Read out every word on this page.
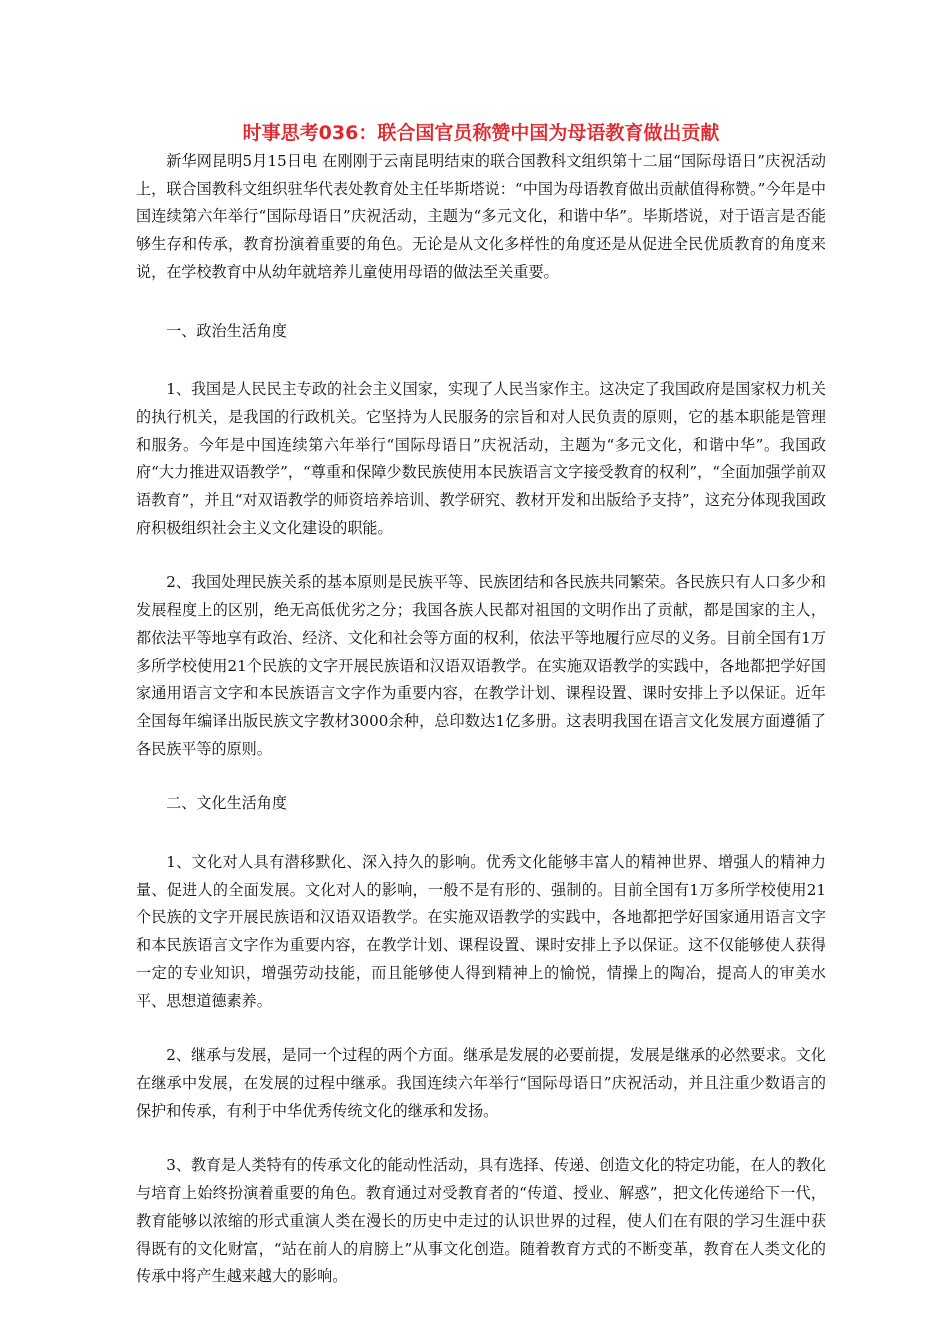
时事思考036：联合国官员称赞中国为母语教育做出贡献

新华网昆明5月15日电 在刚刚于云南昆明结束的联合国教科文组织第十二届“国际母语日”庆祝活动上，联合国教科文组织驻华代表处教育处主任毕斯塔说：“中国为母语教育做出贡献值得称赞。”今年是中国连续第六年举行“国际母语日”庆祝活动，主题为“多元文化，和谐中华”。毕斯塔说，对于语言是否能够生存和传承，教育扮演着重要的角色。无论是从文化多样性的角度还是从促进全民优质教育的角度来说，在学校教育中从幼年就培养儿童使用母语的做法至关重要。

一、政治生活角度

1、我国是人民民主专政的社会主义国家，实现了人民当家作主。这决定了我国政府是国家权力机关的执行机关，是我国的行政机关。它坚持为人民服务的宗旨和对人民负责的原则，它的基本职能是管理和服务。今年是中国连续第六年举行“国际母语日”庆祝活动，主题为“多元文化，和谐中华”。我国政府“大力推进双语教学”，“尊重和保障少数民族使用本民族语言文字接受教育的权利”，“全面加强学前双语教育”，并且“对双语教学的师资培养培训、教学研究、教材开发和出版给予支持”，这充分体现我国政府积极组织社会主义文化建设的职能。

2、我国处理民族关系的基本原则是民族平等、民族团结和各民族共同繁荣。各民族只有人口多少和发展程度上的区别，绝无高低优劣之分；我国各族人民都对祖国的文明作出了贡献，都是国家的主人，都依法平等地享有政治、经济、文化和社会等方面的权利，依法平等地履行应尽的义务。目前全国有1万多所学校使用21个民族的文字开展民族语和汉语双语教学。在实施双语教学的实践中，各地都把学好国家通用语言文字和本民族语言文字作为重要内容，在教学计划、课程设置、课时安排上予以保证。近年全国每年编译出版民族文字教材3000余种，总印数达1亿多册。这表明我国在语言文化发展方面遵循了各民族平等的原则。

二、文化生活角度

1、文化对人具有潜移默化、深入持久的影响。优秀文化能够丰富人的精神世界、增强人的精神力量、促进人的全面发展。文化对人的影响，一般不是有形的、强制的。目前全国有1万多所学校使用21个民族的文字开展民族语和汉语双语教学。在实施双语教学的实践中，各地都把学好国家通用语言文字和本民族语言文字作为重要内容，在教学计划、课程设置、课时安排上予以保证。这不仅能够使人获得一定的专业知识，增强劳动技能，而且能够使人得到精神上的愉悦，情操上的陶冶，提高人的审美水平、思想道德素养。

2、继承与发展，是同一个过程的两个方面。继承是发展的必要前提，发展是继承的必然要求。文化在继承中发展，在发展的过程中继承。我国连续六年举行“国际母语日”庆祝活动，并且注重少数语言的保护和传承，有利于中华优秀传统文化的继承和发扬。

3、教育是人类特有的传承文化的能动性活动，具有选择、传递、创造文化的特定功能，在人的教化与培育上始终扮演着重要的角色。教育通过对受教育者的“传道、授业、解惑”，把文化传递给下一代，教育能够以浓缩的形式重演人类在漫长的历史中走过的认识世界的过程，使人们在有限的学习生涯中获得既有的文化财富，“站在前人的肩膀上”从事文化创造。随着教育方式的不断变革，教育在人类文化的传承中将产生越来越大的影响。
